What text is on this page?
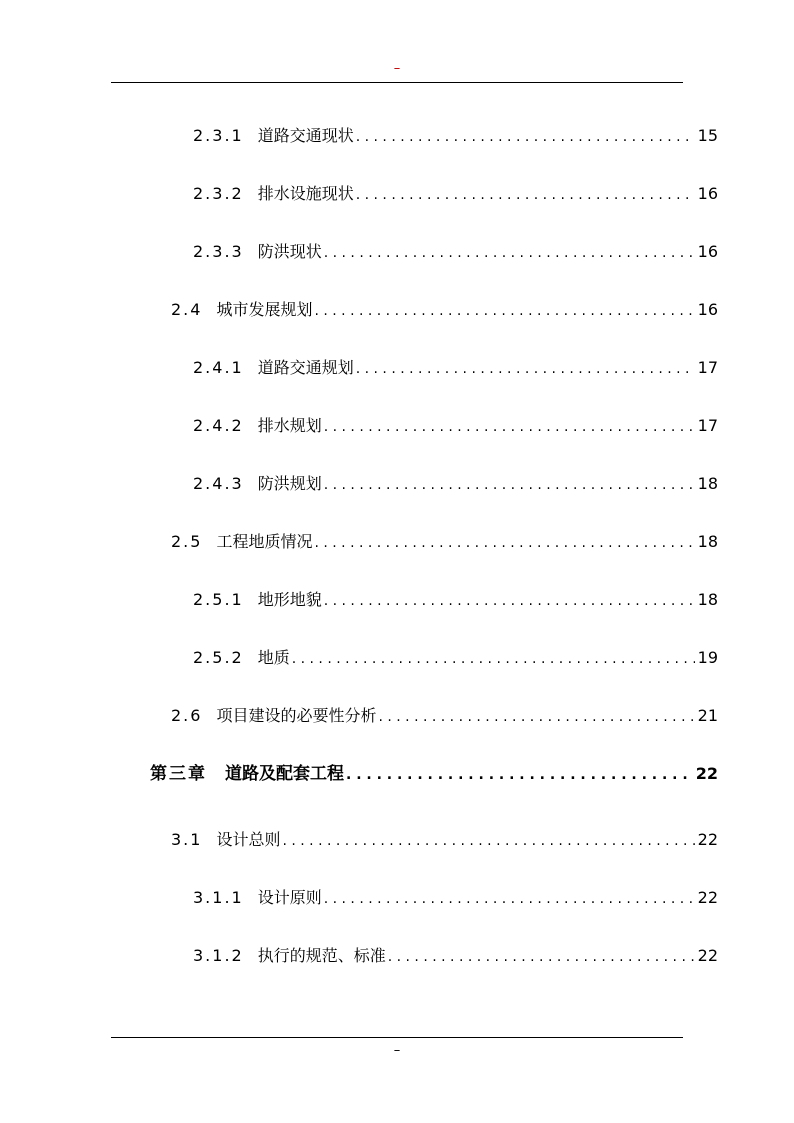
–
2.3.1 道路交通现状 . . .	15
2.3.2 排水设施现状 . . .	16
2.3.3 防洪现状 . . .	16
2.4 城市发展规划 . . .	16
2.4.1 道路交通规划 . . .	17
2.4.2 排水规划 . . .	17
2.4.3 防洪规划 . . .	18
2.5 工程地质情况 . . .	18
2.5.1 地形地貌 . . .	18
2.5.2 地质 . . .	19
2.6 项目建设的必要性分析 . . .	21
第三章 道路及配套工程 . . .	22
3.1 设计总则 . . .	22
3.1.1 设计原则 . . .	22
3.1.2 执行的规范、标准 . . .	22
–
